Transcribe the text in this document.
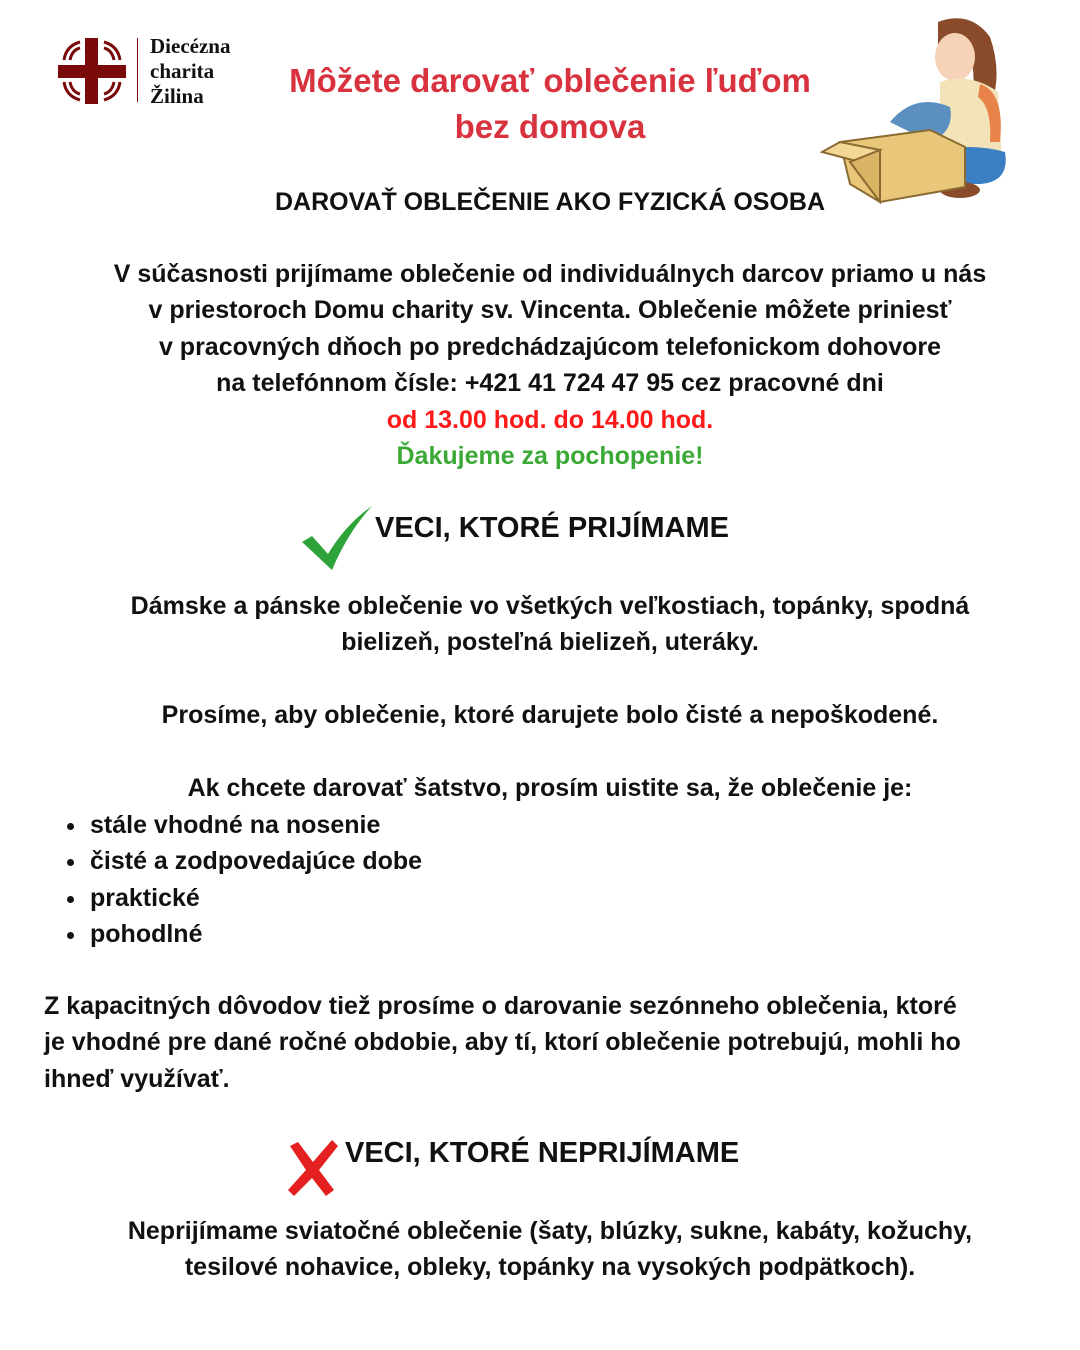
Diecézna
charita
Žilina	Môžete darovať oblečenie ľuďom
bez domova
DAROVAŤ OBLEČENIE AKO FYZICKÁ OSOBA
V súčasnosti prijímame oblečenie od individuálnych darcov priamo u nás
v priestoroch Domu charity sv. Vincenta. Oblečenie môžete priniesť
v pracovných dňoch po predchádzajúcom telefonickom dohovore
na telefónnom čísle: +421 41 724 47 95 cez pracovné dni
od 13.00 hod. do 14.00 hod.
Ďakujeme za pochopenie!
VECI, KTORÉ PRIJÍMAME
Dámske a pánske oblečenie vo všetkých veľkostiach, topánky, spodná
bielizeň, posteľná bielizeň, uteráky.
Prosíme, aby oblečenie, ktoré darujete bolo čisté a nepoškodené.
Ak chcete darovať šatstvo, prosím uistite sa, že oblečenie je:
• stále vhodné na nosenie
• čisté a zodpovedajúce dobe
• praktické
• pohodlné
Z kapacitných dôvodov tiež prosíme o darovanie sezónneho oblečenia, ktoré
je vhodné pre dané ročné obdobie, aby tí, ktorí oblečenie potrebujú, mohli ho
ihneď využívať.
VECI, KTORÉ NEPRIJÍMAME
Neprijímame sviatočné oblečenie (šaty, blúzky, sukne, kabáty, kožuchy,
tesilové nohavice, obleky, topánky na vysokých podpätkoch).
